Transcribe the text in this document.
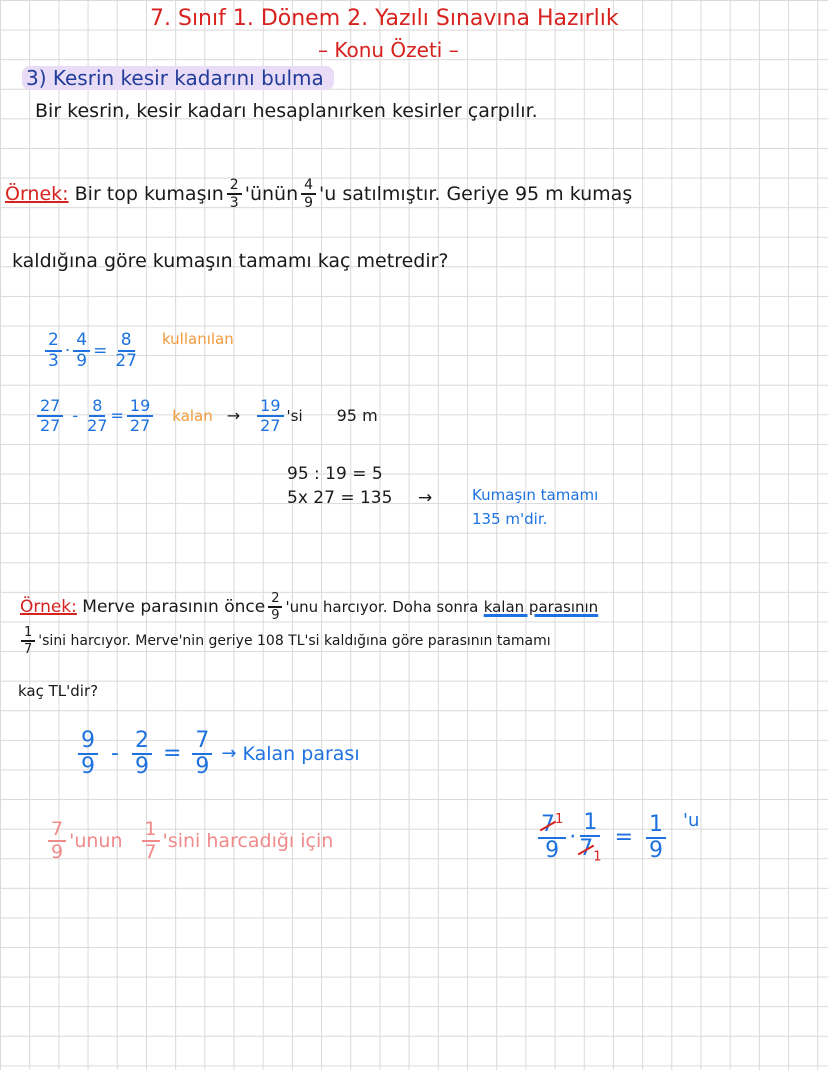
7. Sınıf 1. Dönem 2. Yazılı Sınavına Hazırlık
– Konu Özeti –
3) Kesrin kesir kadarını bulma
Bir kesrin, kesir kadarı hesaplanırken kesirler çarpılır.
Örnek:
Bir top kumaşın $\frac{2}{3}$ 'ünün $\frac{4}{9}$ 'u satılmıştır. Geriye 95 m kumaş
kaldığına göre kumaşın tamamı kaç metredir?
$\frac{2}{3} \cdot \frac{4}{9} = \frac{8}{27}$ kullanılan
$\frac{27}{27} - \frac{8}{27} = \frac{19}{27}$ kalan → $\frac{19}{27}$ 'si 95 m
95 : 19 = 5
5x 27 = 135 →	Kumaşın tamamı
135 m'dir.
Örnek:
Merve parasının önce $\frac{2}{9}$ 'unu harcıyor. Doha sonra
kalan parasının
$\frac{1}{7}$ 'sini harcıyor. Merve'nin geriye 108 TL'si kaldığına göre parasının tamamı
kaç TL'dir?
$\frac{9}{9} - \frac{2}{9} = \frac{7}{9}$ → Kalan parası
$\frac{7}{9}$ 'unun $\frac{1}{7}$ 'sini harcadığı için
$7^1$
9
· $\frac{1}{7_1} = \frac{1}{9}$ 'u
